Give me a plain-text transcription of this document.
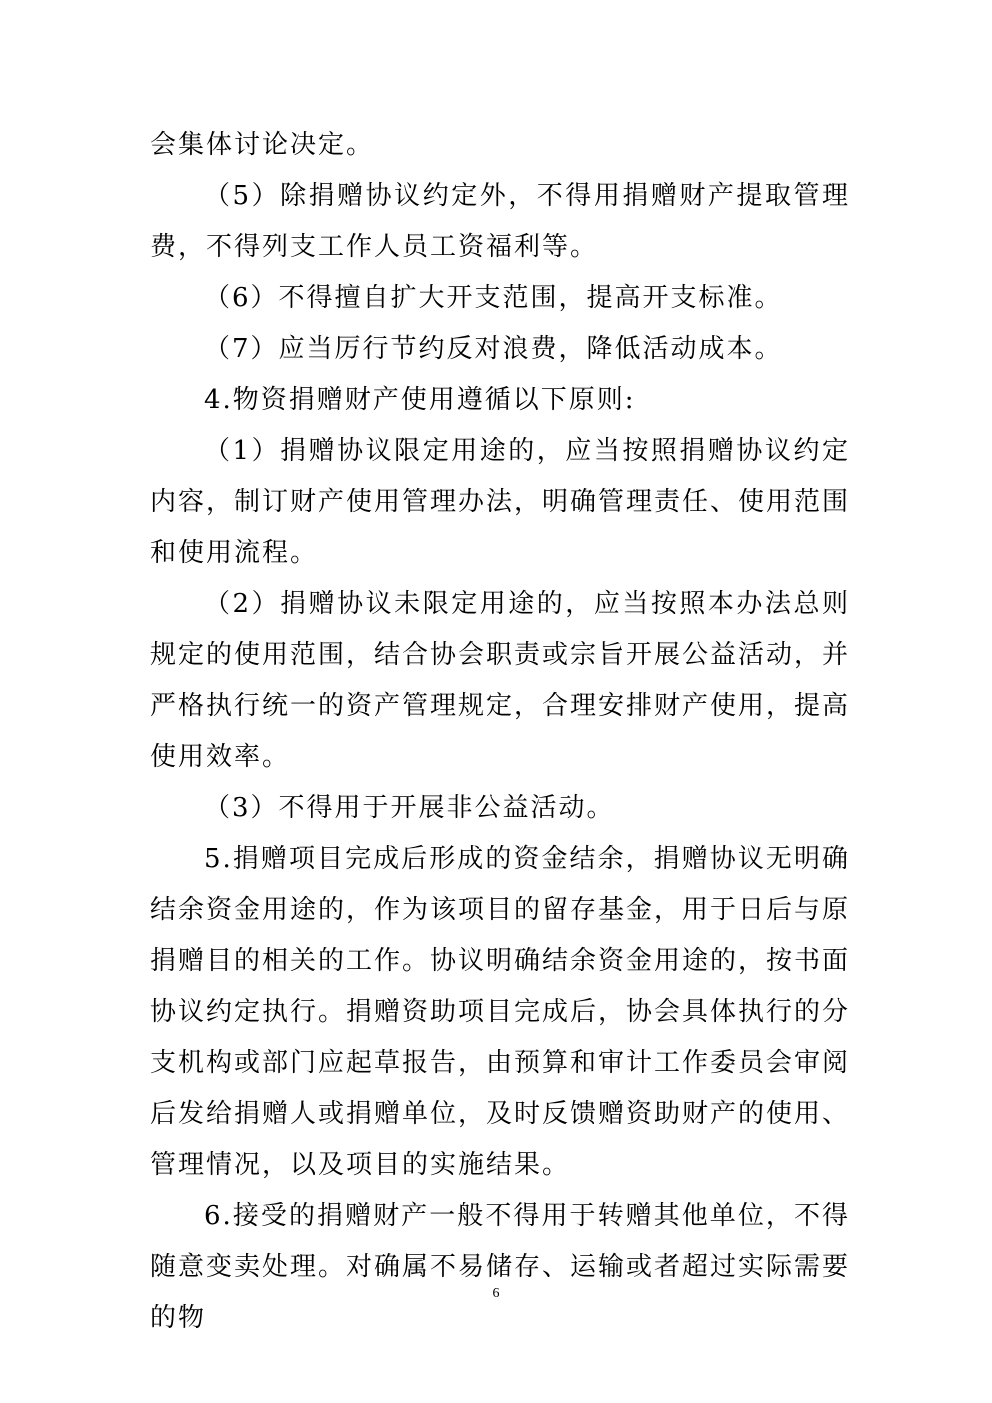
会集体讨论决定。

（5）除捐赠协议约定外，不得用捐赠财产提取管理费，不得列支工作人员工资福利等。

（6）不得擅自扩大开支范围，提高开支标准。

（7）应当厉行节约反对浪费，降低活动成本。

4.物资捐赠财产使用遵循以下原则:

（1）捐赠协议限定用途的，应当按照捐赠协议约定内容，制订财产使用管理办法，明确管理责任、使用范围和使用流程。

（2）捐赠协议未限定用途的，应当按照本办法总则规定的使用范围，结合协会职责或宗旨开展公益活动，并严格执行统一的资产管理规定，合理安排财产使用，提高使用效率。

（3）不得用于开展非公益活动。

5.捐赠项目完成后形成的资金结余，捐赠协议无明确结余资金用途的，作为该项目的留存基金，用于日后与原捐赠目的相关的工作。协议明确结余资金用途的，按书面协议约定执行。捐赠资助项目完成后，协会具体执行的分支机构或部门应起草报告，由预算和审计工作委员会审阅后发给捐赠人或捐赠单位，及时反馈赠资助财产的使用、管理情况，以及项目的实施结果。

6.接受的捐赠财产一般不得用于转赠其他单位，不得随意变卖处理。对确属不易储存、运输或者超过实际需要的物

6
